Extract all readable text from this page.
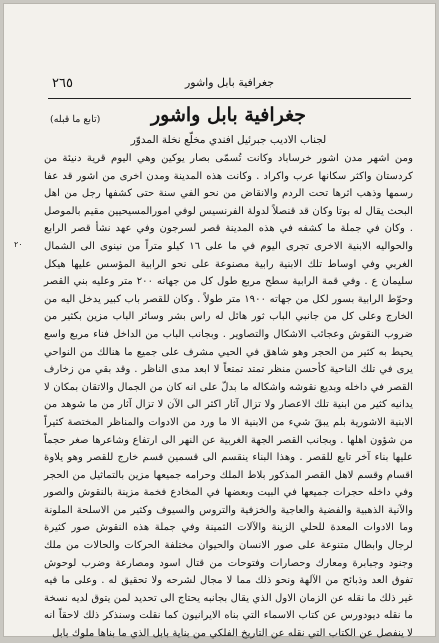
٢٦٥	جغرافية بابل واشور
جغرافية بابل واشور
(تابع ما قبله)

لجناب الاديب جبرئيل افندي مخلّع نخلة المدوّر

ومن اشهر مدن اشور خرساباد وكانت تُسمّى بصار يوكين وهي اليوم قرية دنيئة من كردستان واكثر سكانها عرب واكراد . وكانت هذه المدينة ومدن اخرى من اشور قد عفا رسمها وذهب اثرها تحت الردم والانقاض من نحو الفي سنة حتى كشفها رجل من اهل البحث يقال له بوتا وكان قد قنصلاً لدولة الفرنسيس لوفي امورالمسيحيين مقيم بالموصل . وكان في جملة ما كشفه في هذه المدينة قصر لسرجون وفي عهد نشأ قصر الرابع والحواليه الابنية الاخرى تجرى اليوم في ما على ١٦ كيلو متراً من نينوى الى الشمال الغربي وفي اوساط تلك الابنية رابية مصنوعة على نحو الرابية المؤسس عليها هيكل سليمان ع . وفي قمة الرابية سطح مربع طول كل من جهاته ٢٠٠ متر وعليه بني القصر وحوّط الرابية بسور لكل من جهاته ١٩٠٠ متر طولاً . وكان للقصر باب كبير يدخل اليه من الخارج وعلى كل من جانبي الباب ثور هائل له راس بشر وسائر الباب مزين بكثير من ضروب النقوش وعجائب الاشكال والتصاوير . وبجانب الباب من الداخل فناء مربع واسع يحيط به كثير من الحجر وهو شاهق في الحيي مشرف على جميع ما هنالك من النواحي يرى في تلك الناحية كأحسن منظر تمتد تمتعاً لا ابعد مدى الناظر . وقد بقي من زخارف القصر في داخله وبديع نقوشه واشكاله ما بدلّ على انه كان من الجمال والاتقان بمكان لا يدانيه كثير من ابنية تلك الاعصار ولا تزال آثار اكثر الى الآن لا تزال آثار من ما شوهد من الابنية الاشورية بلم يبقَ شيء من الابنية الا ما ورد من الادوات والمناظر المختصة كثيراً من شؤون اهلها . وبجانب القصر الجهة الغربية عن النهر الى ارتفاع وشاعرها صغر حجماً عليها بناء آخر تابع للقصر . وهذا البناء ينقسم الى قسمين قسم خارج للقصر وهو يلاوة اقسام وقسم لاهل القصر المذكور بلاط الملك وحرامه جميعها مزين بالتماثيل من الحجر وفي داخله حجرات جميعها في البيت وبعضها في المخادع فخمة مزينة بالنقوش والصور والآنية الذهبية والفضية والعاجية والخزفية والتروس والسيوف وكثير من الاسلحة الملونة وما الادوات المعدة للحلي الزينة والآلات الثمينة وفي جملة هذه النقوش صور كثيرة لرجال وابطال متنوعة على صور الانسان والحيوان مختلفة الحركات والحالات من ملك وجنود وجبابرة ومعارك وحصارات وفتوحات من قتال اسود ومصارعة وضرب لوحوش تفوق العد وذبائح من الآلهة ونحو ذلك مما لا مجال لشرحه ولا تحقيق له . وعلى ما فيه غير ذلك ما نقله عن الزمان الاول الذي يقال بجانبه يحتاج الى تحديد لمن يتوق لديه نسخة ما نقله ديودورس عن كتاب الاسماء التي بناه الايرانيون كما نقلت وسنذكر ذلك لاحقاً انه لا ينفصل عن الكتاب التي نقله عن التاريخ الفلكي من بناية بابل الذي ما بناها ملوك بابل

٢٠
